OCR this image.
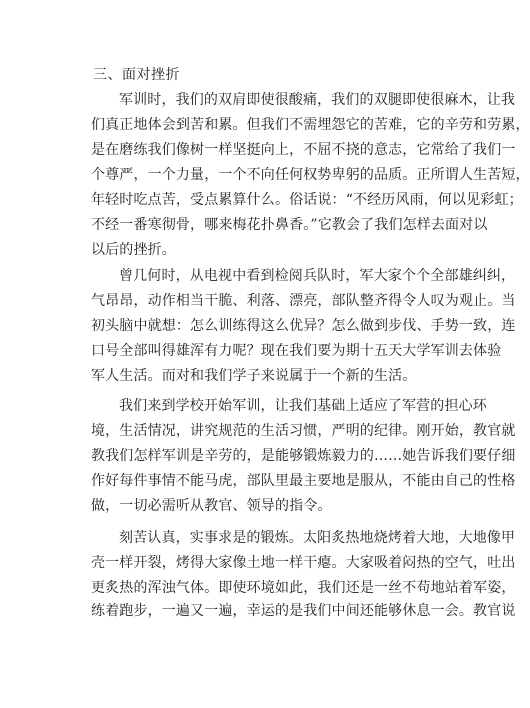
三、面对挫折
军训时，我们的双肩即使很酸痛，我们的双腿即使很麻木，让我
们真正地体会到苦和累。但我们不需埋怨它的苦难，它的辛劳和劳累，
是在磨练我们像树一样坚挺向上，不屈不挠的意志，它常给了我们一
个尊严，一个力量，一个不向任何权势卑躬的品质。正所谓人生苦短，
年轻时吃点苦，受点累算什么。俗话说：“不经历风雨，何以见彩虹；
不经一番寒彻骨，哪来梅花扑鼻香。”它教会了我们怎样去面对以
以后的挫折。
曾几何时，从电视中看到检阅兵队时，军大家个个全部雄纠纠，
气昂昂，动作相当干脆、利落、漂亮，部队整齐得令人叹为观止。当
初头脑中就想：怎么训练得这么优异？怎么做到步伐、手势一致，连
口号全部叫得雄浑有力呢？现在我们要为期十五天大学军训去体验
军人生活。而对和我们学子来说属于一个新的生活。
我们来到学校开始军训，让我们基础上适应了军营的担心环
境，生活情况，讲究规范的生活习惯，严明的纪律。刚开始，教官就
教我们怎样军训是辛劳的，是能够锻炼毅力的……她告诉我们要仔细
作好每件事情不能马虎，部队里最主要地是服从，不能由自己的性格
做，一切必需听从教官、领导的指令。
刻苦认真，实事求是的锻炼。太阳炙热地烧烤着大地，大地像甲
壳一样开裂，烤得大家像土地一样干瘪。大家吸着闷热的空气，吐出
更炙热的浑浊气体。即使环境如此，我们还是一丝不苟地站着军姿，
练着跑步，一遍又一遍，幸运的是我们中间还能够休息一会。教官说
